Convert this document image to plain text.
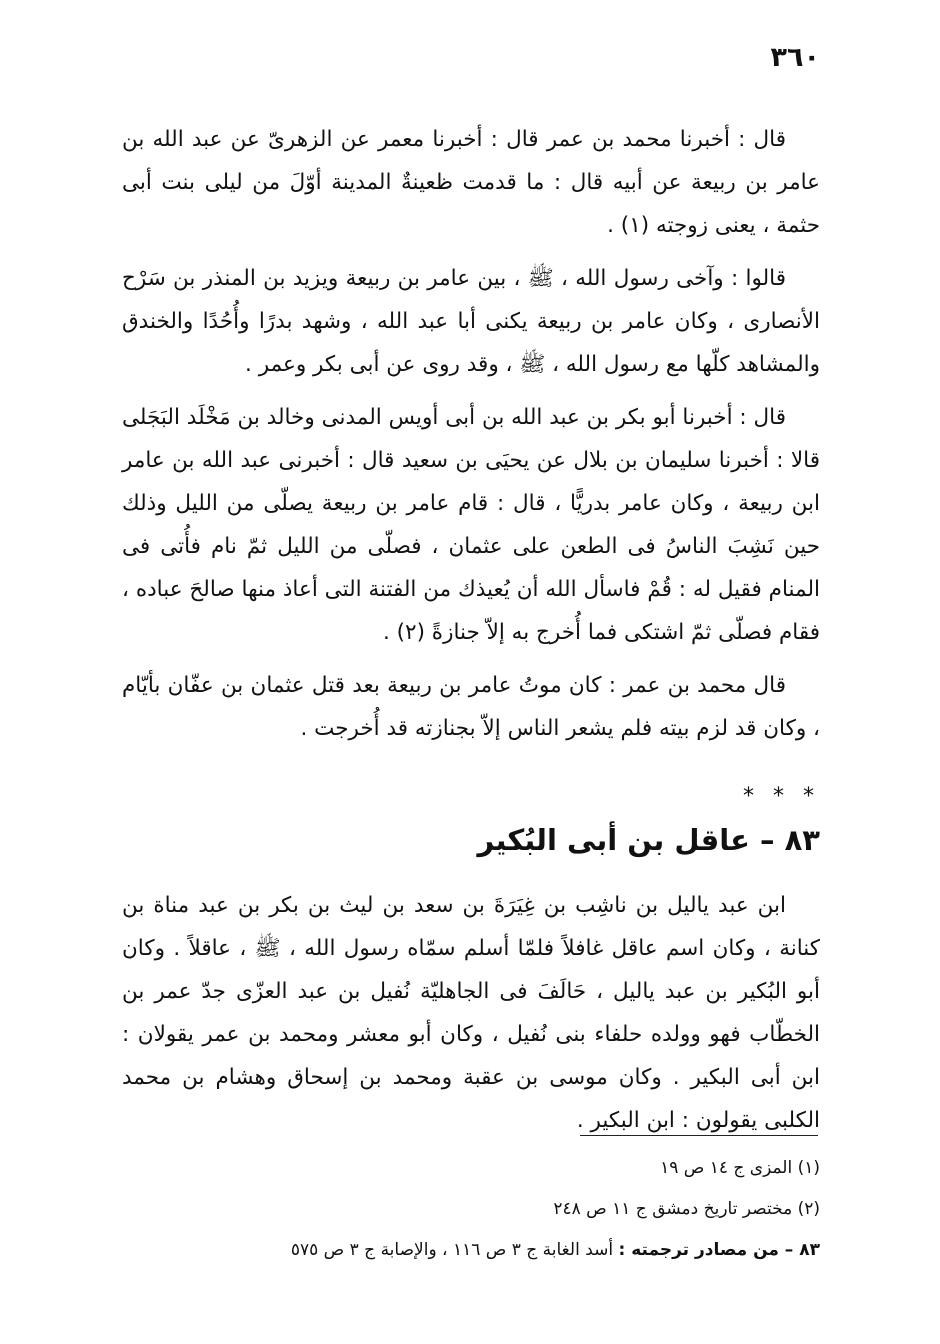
٣٦٠

قال : أخبرنا محمد بن عمر قال : أخبرنا معمر عن الزهرىّ عن عبد الله بن عامر بن ربيعة عن أبيه قال : ما قدمت ظعينةٌ المدينة أوّلَ من ليلى بنت أبى حثمة ، يعنى زوجته (١) .

قالوا : وآخى رسول الله ، ﷺ ، بين عامر بن ربيعة ويزيد بن المنذر بن سَرْح الأنصارى ، وكان عامر بن ربيعة يكنى أبا عبد الله ، وشهد بدرًا وأُحُدًا والخندق والمشاهد كلّها مع رسول الله ، ﷺ ، وقد روى عن أبى بكر وعمر .

قال : أخبرنا أبو بكر بن عبد الله بن أبى أويس المدنى وخالد بن مَخْلَد البَجَلى قالا : أخبرنا سليمان بن بلال عن يحيَى بن سعيد قال : أخبرنى عبد الله بن عامر ابن ربيعة ، وكان عامر بدريًّا ، قال : قام عامر بن ربيعة يصلّى من الليل وذلك حين نَشِبَ الناسُ فى الطعن على عثمان ، فصلّى من الليل ثمّ نام فأُتى فى المنام فقيل له : قُمْ فاسأل الله أن يُعيذك من الفتنة التى أعاذ منها صالحَ عباده ، فقام فصلّى ثمّ اشتكى فما أُخرج به إلاّ جنازةً (٢) .

قال محمد بن عمر : كان موتُ عامر بن ربيعة بعد قتل عثمان بن عفّان بأيّام ، وكان قد لزم بيته فلم يشعر الناس إلاّ بجنازته قد أُخرجت .

* * *
٨٣ – عاقل بن أبى البُكير

ابن عبد ياليل بن ناشِب بن غِيَرَةَ بن سعد بن ليث بن بكر بن عبد مناة بن كنانة ، وكان اسم عاقل غافلاً فلمّا أسلم سمّاه رسول الله ، ﷺ ، عاقلاً . وكان أبو البُكير بن عبد ياليل ، حَالَفَ فى الجاهليّة نُفيل بن عبد العزّى جدّ عمر بن الخطّاب فهو وولده حلفاء بنى نُفيل ، وكان أبو معشر ومحمد بن عمر يقولان : ابن أبى البكير . وكان موسى بن عقبة ومحمد بن إسحاق وهشام بن محمد الكلبى يقولون : ابن البكير .

(١) المزى ج ١٤ ص ١٩

(٢) مختصر تاريخ دمشق ج ١١ ص ٢٤٨

٨٣ – من مصادر ترجمته : أسد الغابة ج ٣ ص ١١٦ ، والإصابة ج ٣ ص ٥٧٥
